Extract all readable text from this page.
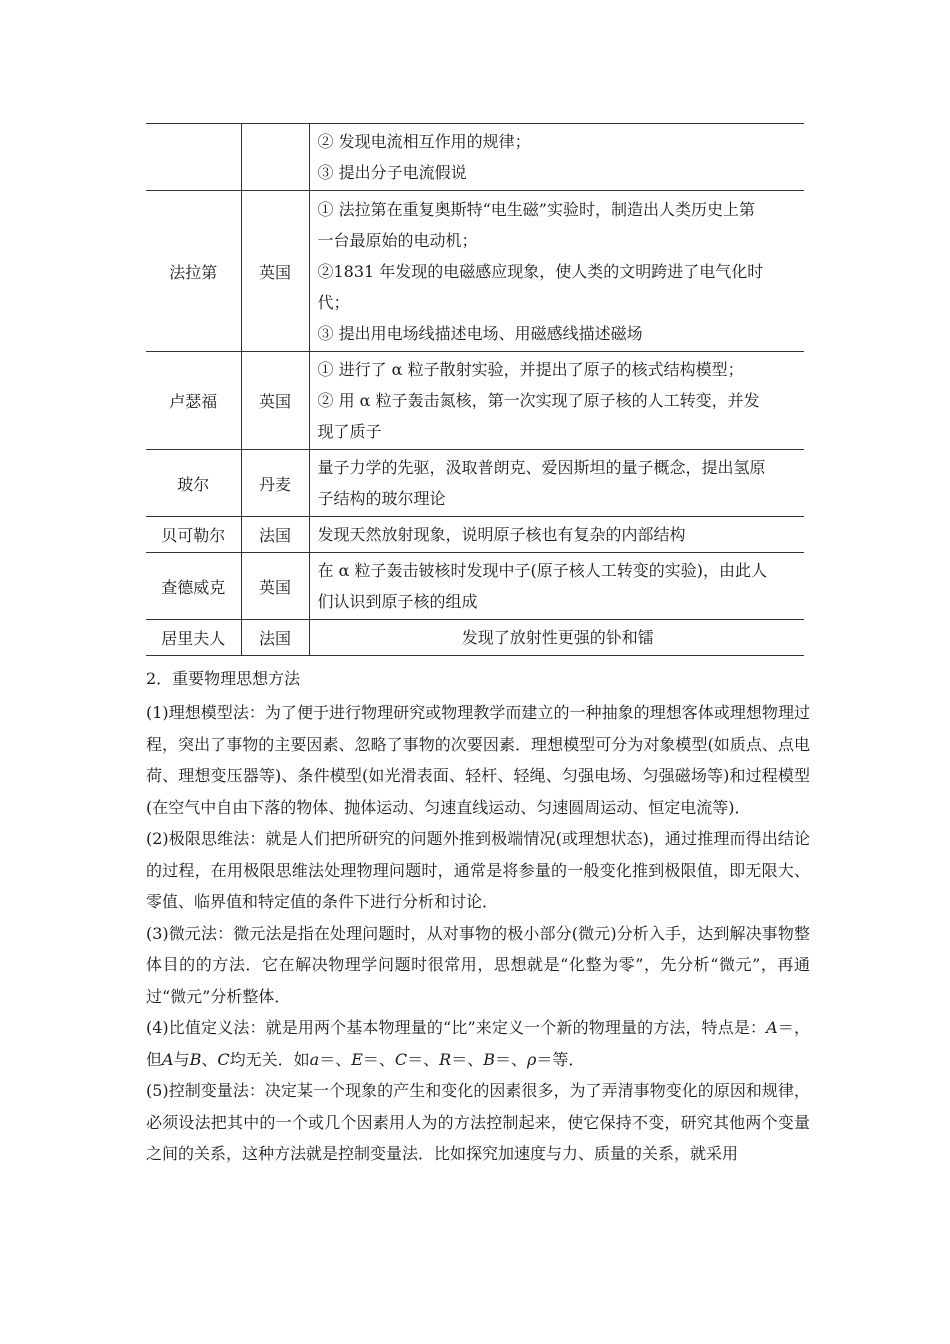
		② 发现电流相互作用的规律；
③ 提出分子电流假说

法拉第	英国	① 法拉第在重复奥斯特“电生磁”实验时，制造出人类历史上第
一台最原始的电动机；
②1831 年发现的电磁感应现象，使人类的文明跨进了电气化时
代；
③ 提出用电场线描述电场、用磁感线描述磁场

卢瑟福	英国	① 进行了 α 粒子散射实验，并提出了原子的核式结构模型；
② 用 α 粒子轰击氮核，第一次实现了原子核的人工转变，并发
现了质子

玻尔	丹麦	量子力学的先驱，汲取普朗克、爱因斯坦的量子概念，提出氢原
子结构的玻尔理论

贝可勒尔	法国	发现天然放射现象，说明原子核也有复杂的内部结构

查德威克	英国	在 α 粒子轰击铍核时发现中子(原子核人工转变的实验)，由此人
们认识到原子核的组成

居里夫人	法国	发现了放射性更强的钋和镭
2．重要物理思想方法

(1)理想模型法：为了便于进行物理研究或物理教学而建立的一种抽象的理想客体或理想物理过程，突出了事物的主要因素、忽略了事物的次要因素．理想模型可分为对象模型(如质点、点电荷、理想变压器等)、条件模型(如光滑表面、轻杆、轻绳、匀强电场、匀强磁场等)和过程模型(在空气中自由下落的物体、抛体运动、匀速直线运动、匀速圆周运动、恒定电流等)．

(2)极限思维法：就是人们把所研究的问题外推到极端情况(或理想状态)，通过推理而得出结论的过程，在用极限思维法处理物理问题时，通常是将参量的一般变化推到极限值，即无限大、零值、临界值和特定值的条件下进行分析和讨论．

(3)微元法：微元法是指在处理问题时，从对事物的极小部分(微元)分析入手，达到解决事物整体目的的方法．它在解决物理学问题时很常用，思想就是“化整为零”，先分析“微元”，再通过“微元”分析整体．

(4)比值定义法：就是用两个基本物理量的“比”来定义一个新的物理量的方法，特点是：A＝，但A与B、C均无关．如a＝、E＝、C＝、R＝、B＝、ρ＝等．

(5)控制变量法：决定某一个现象的产生和变化的因素很多，为了弄清事物变化的原因和规律，必须设法把其中的一个或几个因素用人为的方法控制起来，使它保持不变，研究其他两个变量之间的关系，这种方法就是控制变量法．比如探究加速度与力、质量的关系，就采用
